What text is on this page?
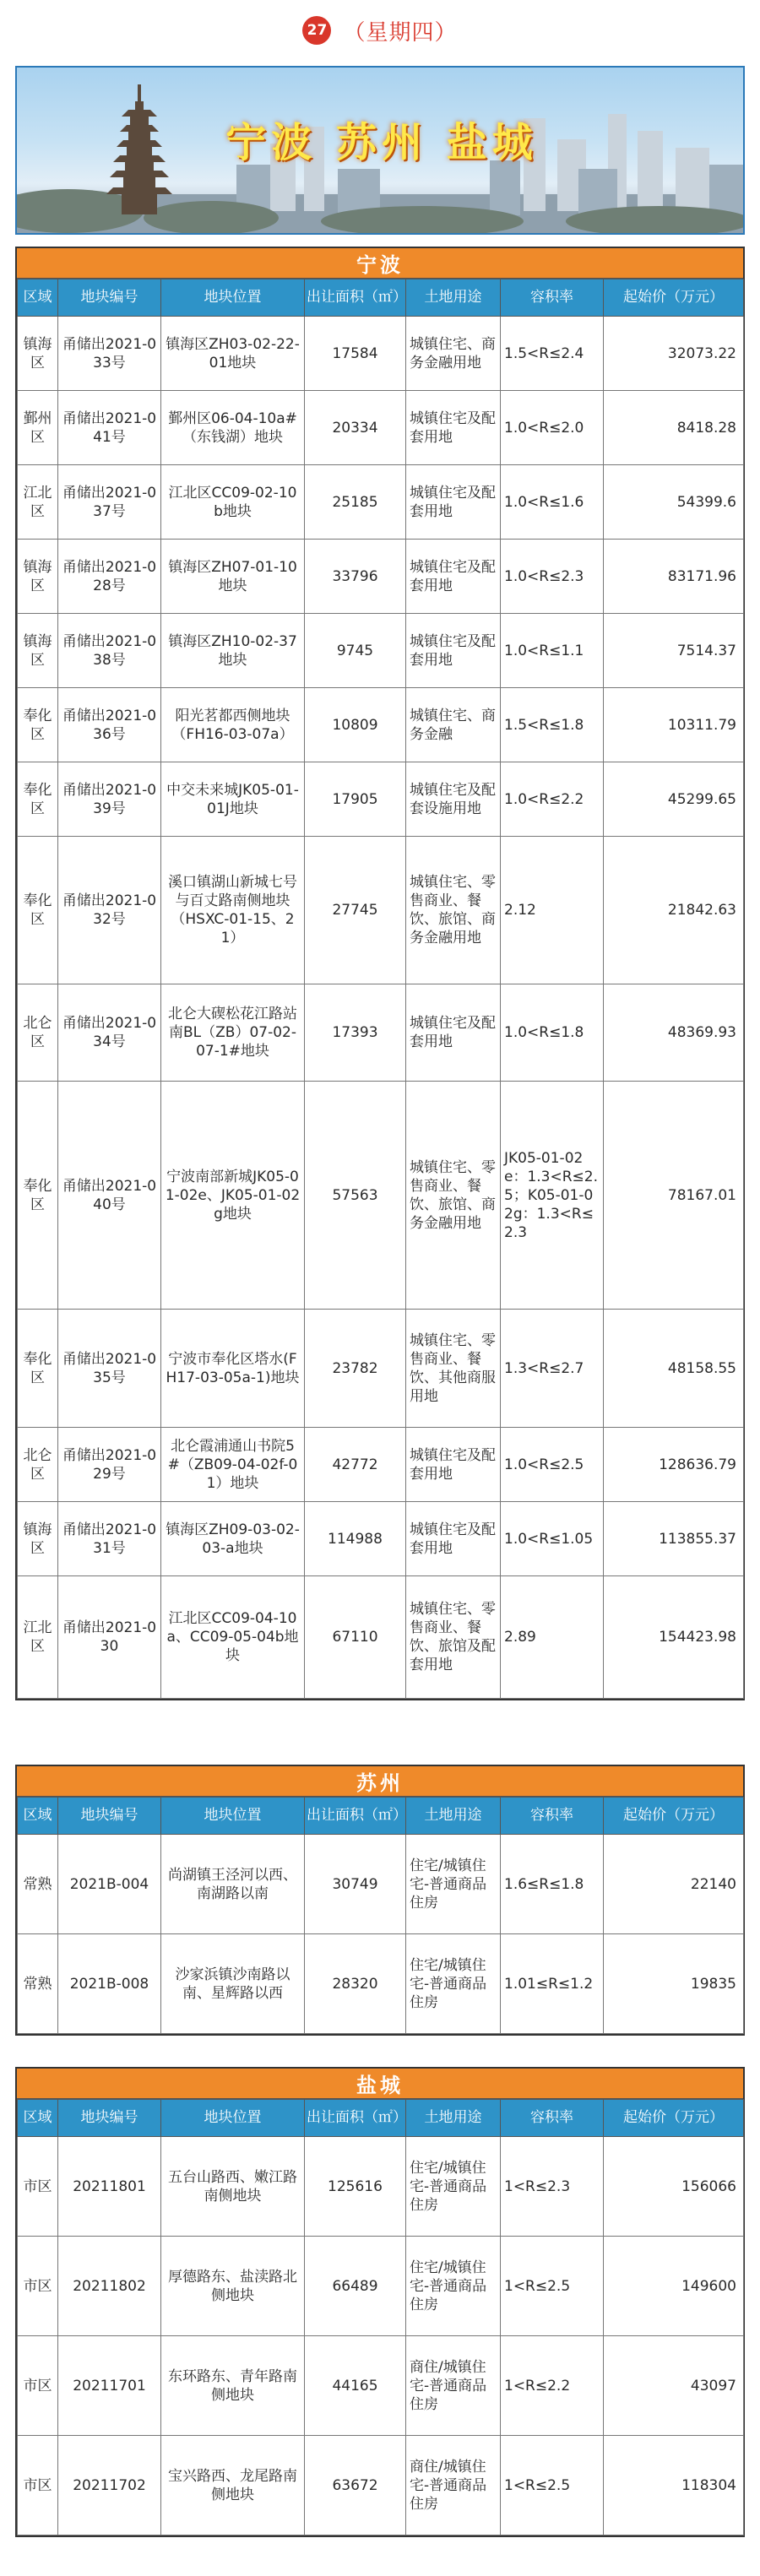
27 （星期四）
宁波 苏州 盐城
宁波
区域	地块编号	地块位置	出让面积（㎡）	土地用途	容积率	起始价（万元）
镇海区	甬储出2021-033号	镇海区ZH03-02-22-01地块	17584	城镇住宅、商务金融用地	1.5<R≤2.4	32073.22
鄞州区	甬储出2021-041号	鄞州区06-04-10a#（东钱湖）地块	20334	城镇住宅及配套用地	1.0<R≤2.0	8418.28
江北区	甬储出2021-037号	江北区CC09-02-10b地块	25185	城镇住宅及配套用地	1.0<R≤1.6	54399.6
镇海区	甬储出2021-028号	镇海区ZH07-01-10地块	33796	城镇住宅及配套用地	1.0<R≤2.3	83171.96
镇海区	甬储出2021-038号	镇海区ZH10-02-37地块	9745	城镇住宅及配套用地	1.0<R≤1.1	7514.37
奉化区	甬储出2021-036号	阳光茗都西侧地块（FH16-03-07a）	10809	城镇住宅、商务金融	1.5<R≤1.8	10311.79
奉化区	甬储出2021-039号	中交未来城JK05-01-01J地块	17905	城镇住宅及配套设施用地	1.0<R≤2.2	45299.65
奉化区	甬储出2021-032号	溪口镇湖山新城七号与百丈路南侧地块（HSXC-01-15、21）	27745	城镇住宅、零售商业、餐饮、旅馆、商务金融用地	2.12	21842.63
北仑区	甬储出2021-034号	北仑大碶松花江路站南BL（ZB）07-02-07-1#地块	17393	城镇住宅及配套用地	1.0<R≤1.8	48369.93
奉化区	甬储出2021-040号	宁波南部新城JK05-01-02e、JK05-01-02g地块	57563	城镇住宅、零售商业、餐饮、旅馆、商务金融用地	JK05-01-02e：1.3<R≤2.5；K05-01-02g：1.3<R≤2.3	78167.01
奉化区	甬储出2021-035号	宁波市奉化区塔水(FH17-03-05a-1)地块	23782	城镇住宅、零售商业、餐饮、其他商服用地	1.3<R≤2.7	48158.55
北仑区	甬储出2021-029号	北仑霞浦通山书院5#（ZB09-04-02f-01）地块	42772	城镇住宅及配套用地	1.0<R≤2.5	128636.79
镇海区	甬储出2021-031号	镇海区ZH09-03-02-03-a地块	114988	城镇住宅及配套用地	1.0<R≤1.05	113855.37
江北区	甬储出2021-030	江北区CC09-04-10a、CC09-05-04b地块	67110	城镇住宅、零售商业、餐饮、旅馆及配套用地	2.89	154423.98
苏州
区域	地块编号	地块位置	出让面积（㎡）	土地用途	容积率	起始价（万元）
常熟	2021B-004	尚湖镇王泾河以西、南湖路以南	30749	住宅/城镇住宅-普通商品住房	1.6≤R≤1.8	22140
常熟	2021B-008	沙家浜镇沙南路以南、星辉路以西	28320	住宅/城镇住宅-普通商品住房	1.01≤R≤1.2	19835
盐城
区域	地块编号	地块位置	出让面积（㎡）	土地用途	容积率	起始价（万元）
市区	20211801	五台山路西、嫩江路南侧地块	125616	住宅/城镇住宅-普通商品住房	1<R≤2.3	156066
市区	20211802	厚德路东、盐渎路北侧地块	66489	住宅/城镇住宅-普通商品住房	1<R≤2.5	149600
市区	20211701	东环路东、青年路南侧地块	44165	商住/城镇住宅-普通商品住房	1<R≤2.2	43097
市区	20211702	宝兴路西、龙尾路南侧地块	63672	商住/城镇住宅-普通商品住房	1<R≤2.5	118304
